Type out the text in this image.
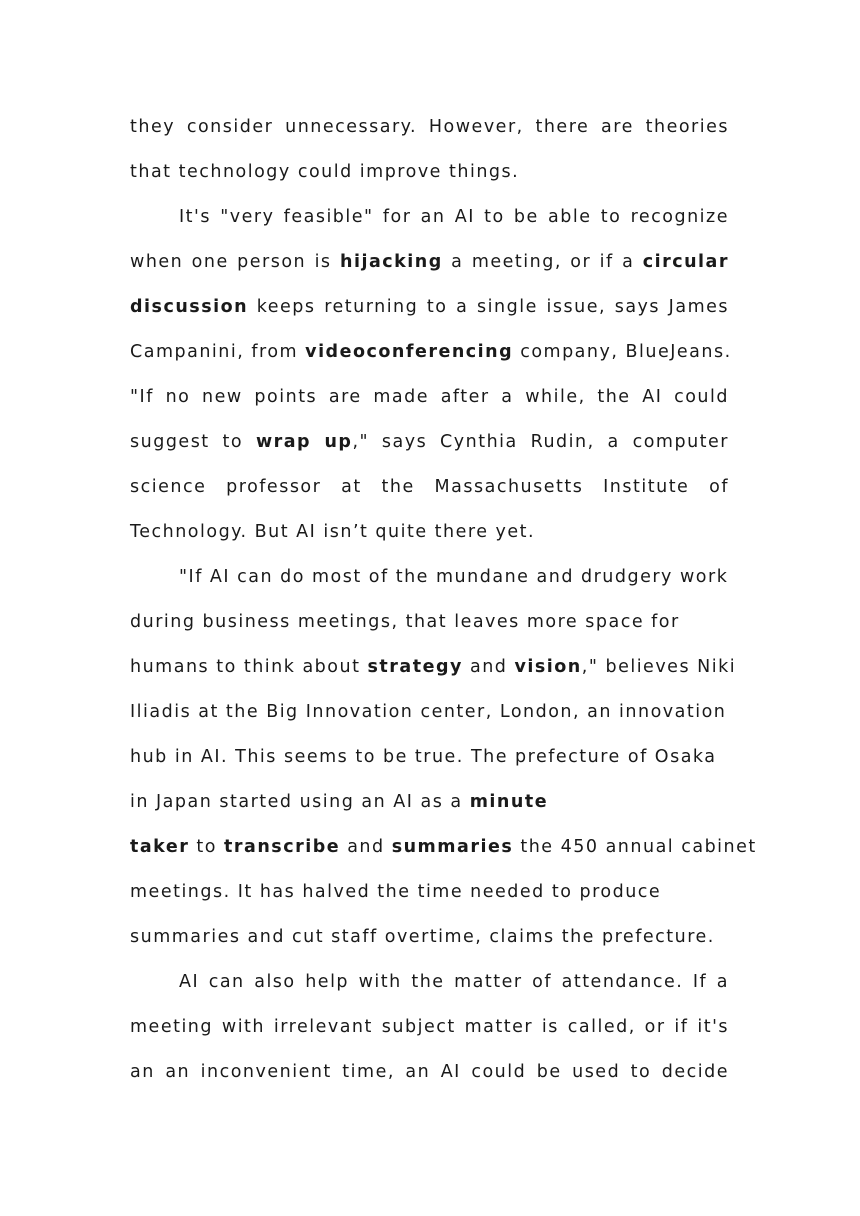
they consider unnecessary. However, there are theories
that technology could improve things.
It's "very feasible" for an AI to be able to recognize
when one person is hijacking a meeting, or if a circular
discussion keeps returning to a single issue, says James
Campanini, from videoconferencing company, BlueJeans.
"If no new points are made after a while, the AI could
suggest to wrap up," says Cynthia Rudin, a computer
science professor at the Massachusetts Institute of
Technology. But AI isn’t quite there yet.
"If AI can do most of the mundane and drudgery work
during business meetings, that leaves more space for
humans to think about strategy and vision," believes Niki
Iliadis at the Big Innovation center, London, an innovation
hub in AI. This seems to be true. The prefecture of Osaka
in Japan started using an AI as a minute
taker to transcribe and summaries the 450 annual cabinet
meetings. It has halved the time needed to produce
summaries and cut staff overtime, claims the prefecture.
AI can also help with the matter of attendance. If a
meeting with irrelevant subject matter is called, or if it's
an an inconvenient time, an AI could be used to decide
